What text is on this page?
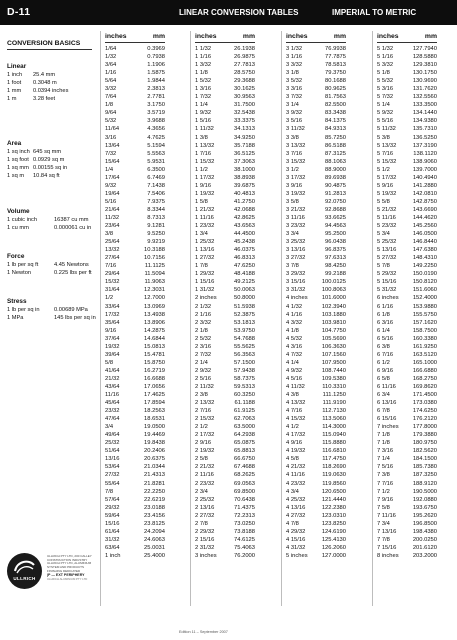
D-11	LINEAR CONVERSION TABLES	IMPERIAL TO METRIC
CONVERSION BASICS
Linear
1 inch	25.4 mm
1 foot	0.3048 m
1 mm	0.0394 inches
1 m	3.28 feet
Area
1 sq inch 645 sq mm
1 sq foot 0.0929 sq m
1 sq mm 0.00155 sq in
1 sq m	10.84 sq ft
Volume
1 cubic inch	16387 cu mm
1 cu mm	0.000061 cu in
Force
1 lb per sq ft	4.45 Newtons
1 Newton	0.225 lbs per ft
Stress
1 lb per sq in	0.00689 MPa
1 MPa	145 lbs per sq in
inches	mm
1/64	0.3969
1/32	0.7938
3/64	1.1906
1/16	1.5875
5/64	1.9844
3/32	2.3813
7/64	2.7781
1/8	3.1750
9/64	3.5719
5/32	3.9688
11/64	4.3656
3/16	4.7625
13/64	5.1594
7/32	5.5563
15/64	5.9531
1/4	6.3500
17/64	6.7469
9/32	7.1438
19/64	7.5406
5/16	7.9375
21/64	8.3344
11/32	8.7313
23/64	9.1281
3/8	9.5250
25/64	9.9219
13/32	10.3188
27/64	10.7156
7/16	11.1125
29/64	11.5094
15/32	11.9063
31/64	12.3031
1/2	12.7000
33/64	13.0969
17/32	13.4938
35/64	13.8906
9/16	14.2875
37/64	14.6844
19/32	15.0813
39/64	15.4781
5/8	15.8750
41/64	16.2719
21/32	16.6688
43/64	17.0656
11/16	17.4625
45/64	17.8594
23/32	18.2563
47/64	18.6531
3/4	19.0500
49/64	19.4469
25/32	19.8438
51/64	20.2406
13/16	20.6375
53/64	21.0344
27/32	21.4313
55/64	21.8281
7/8	22.2250
57/64	22.6219
29/32	23.0188
59/64	23.4156
15/16	23.8125
61/64	24.2094
31/32	24.6063
63/64	25.0031
1 inch	25.4000
inches	mm
1 1/32	26.1938
1 1/16	26.9875
1 3/32	27.7813
1 1/8	28.5750
1 5/32	29.3688
1 3/16	30.1625
1 7/32	30.9563
1 1/4	31.7500
1 9/32	32.5438
1 5/16	33.3375
1 11/32	34.1313
1 3/8	34.9250
1 13/32	35.7188
1 7/16	36.5125
1 15/32	37.3063
1 1/2	38.1000
1 17/32	38.8938
1 9/16	39.6875
1 19/32	40.4813
1 5/8	41.2750
1 21/32	42.0688
1 11/16	42.8625
1 23/32	43.6563
1 3/4	44.4500
1 25/32	45.2438
1 13/16	46.0375
1 27/32	46.8313
1 7/8	47.6250
1 29/32	48.4188
1 15/16	49.2125
1 31/32	50.0063
2 inches	50.8000
2 1/32	51.5938
2 1/16	52.3875
2 3/32	53.1813
2 1/8	53.9750
2 5/32	54.7688
2 3/16	55.5625
2 7/32	56.3563
2 1/4	57.1500
2 9/32	57.9438
2 5/16	58.7375
2 11/32	59.5313
2 3/8	60.3250
2 13/32	61.1188
2 7/16	61.9125
2 15/32	62.7063
2 1/2	63.5000
2 17/32	64.2938
2 9/16	65.0875
2 19/32	65.8813
2 5/8	66.6750
2 21/32	67.4688
2 11/16	68.2625
2 23/32	69.0563
2 3/4	69.8500
2 25/32	70.6438
2 13/16	71.4375
2 27/32	72.2313
2 7/8	73.0250
2 29/32	73.8188
2 15/16	74.6125
2 31/32	75.4063
3 inches	76.2000
inches	mm
3 1/32	76.9938
3 1/16	77.7875
3 3/32	78.5813
3 1/8	79.3750
3 5/32	80.1688
3 3/16	80.9625
3 7/32	81.7563
3 1/4	82.5500
3 9/32	83.3438
3 5/16	84.1375
3 11/32	84.9313
3 3/8	85.7250
3 13/32	86.5188
3 7/16	87.3125
3 15/32	88.1063
3 1/2	88.9000
3 17/32	89.6938
3 9/16	90.4875
3 19/32	91.2813
3 5/8	92.0750
3 21/32	92.8688
3 11/16	93.6625
3 23/32	94.4563
3 3/4	95.2500
3 25/32	96.0438
3 13/16	96.8375
3 27/32	97.6313
3 7/8	98.4250
3 29/32	99.2188
3 15/16	100.0125
3 31/32	100.8063
4 inches	101.6000
4 1/32	102.3940
4 1/16	103.1880
4 3/32	103.9810
4 1/8	104.7750
4 5/32	105.5690
4 3/16	106.3630
4 7/32	107.1560
4 1/4	107.9500
4 9/32	108.7440
4 5/16	109.5380
4 11/32	110.3310
4 3/8	111.1250
4 13/32	111.9190
4 7/16	112.7130
4 15/32	113.5060
4 1/2	114.3000
4 17/32	115.0940
4 9/16	115.8880
4 19/32	116.6810
4 5/8	117.4750
4 21/32	118.2690
4 11/16	119.0630
4 23/32	119.8560
4 3/4	120.6500
4 25/32	121.4440
4 13/16	122.2380
4 27/32	123.0310
4 7/8	123.8250
4 29/32	124.6190
4 15/16	125.4130
4 31/32	126.2060
5 inches	127.0000
inches	mm
5 1/32	127.7940
5 1/16	128.5880
5 3/32	129.3810
5 1/8	130.1750
5 5/32	130.9690
5 3/16	131.7620
5 7/32	132.5560
5 1/4	133.3500
5 9/32	134.1440
5 5/16	134.9380
5 11/32	135.7310
5 3/8	136.5250
5 13/32	137.3190
5 7/16	138.1120
5 15/32	138.9060
5 1/2	139.7000
5 17/32	140.4940
5 9/16	141.2880
5 19/32	142.0810
5 5/8	142.8750
5 21/32	143.6690
5 11/16	144.4620
5 23/32	145.2560
5 3/4	146.0500
5 25/32	146.8440
5 13/16	147.6380
5 27/32	148.4310
5 7/8	149.2250
5 29/32	150.0190
5 15/16	150.8120
5 31/32	151.6060
6 inches	152.4000
6 1/16	153.9880
6 1/8	155.5750
6 3/16	157.1620
6 1/4	158.7500
6 5/16	160.3380
6 3/8	161.9250
6 7/16	163.5120
6 1/2	165.1000
6 9/16	166.6880
6 5/8	168.2750
6 11/16	169.8620
6 3/4	171.4500
6 13/16	173.0380
6 7/8	174.6250
6 15/16	176.2120
7 inches	177.8000
7 1/8	179.3880
7 1/8	180.9750
7 3/16	182.5620
7 1/4	184.1500
7 5/16	185.7380
7 3/8	187.3250
7 7/16	188.9120
7 1/2	190.5000
7 9/16	192.0880
7 5/8	193.6750
7 11/16	195.2620
7 3/4	196.8500
7 13/16	198.4380
7 7/8	200.0250
7 15/16	201.6120
8 inches	203.2000
ULLRICH
ULLRICH PTY LTD, 200 CALLEY
CONSTRUCTION INDUSTRY
ULLRICH PTY LTD, ALUMINIUM
SYSTEM AND PRODUCTS
FINISHING DEDICATED
|P — EXT PERIPHERY
ULLRICH ALUMINIUM PTY LTD
Edition 11 – September 2007
